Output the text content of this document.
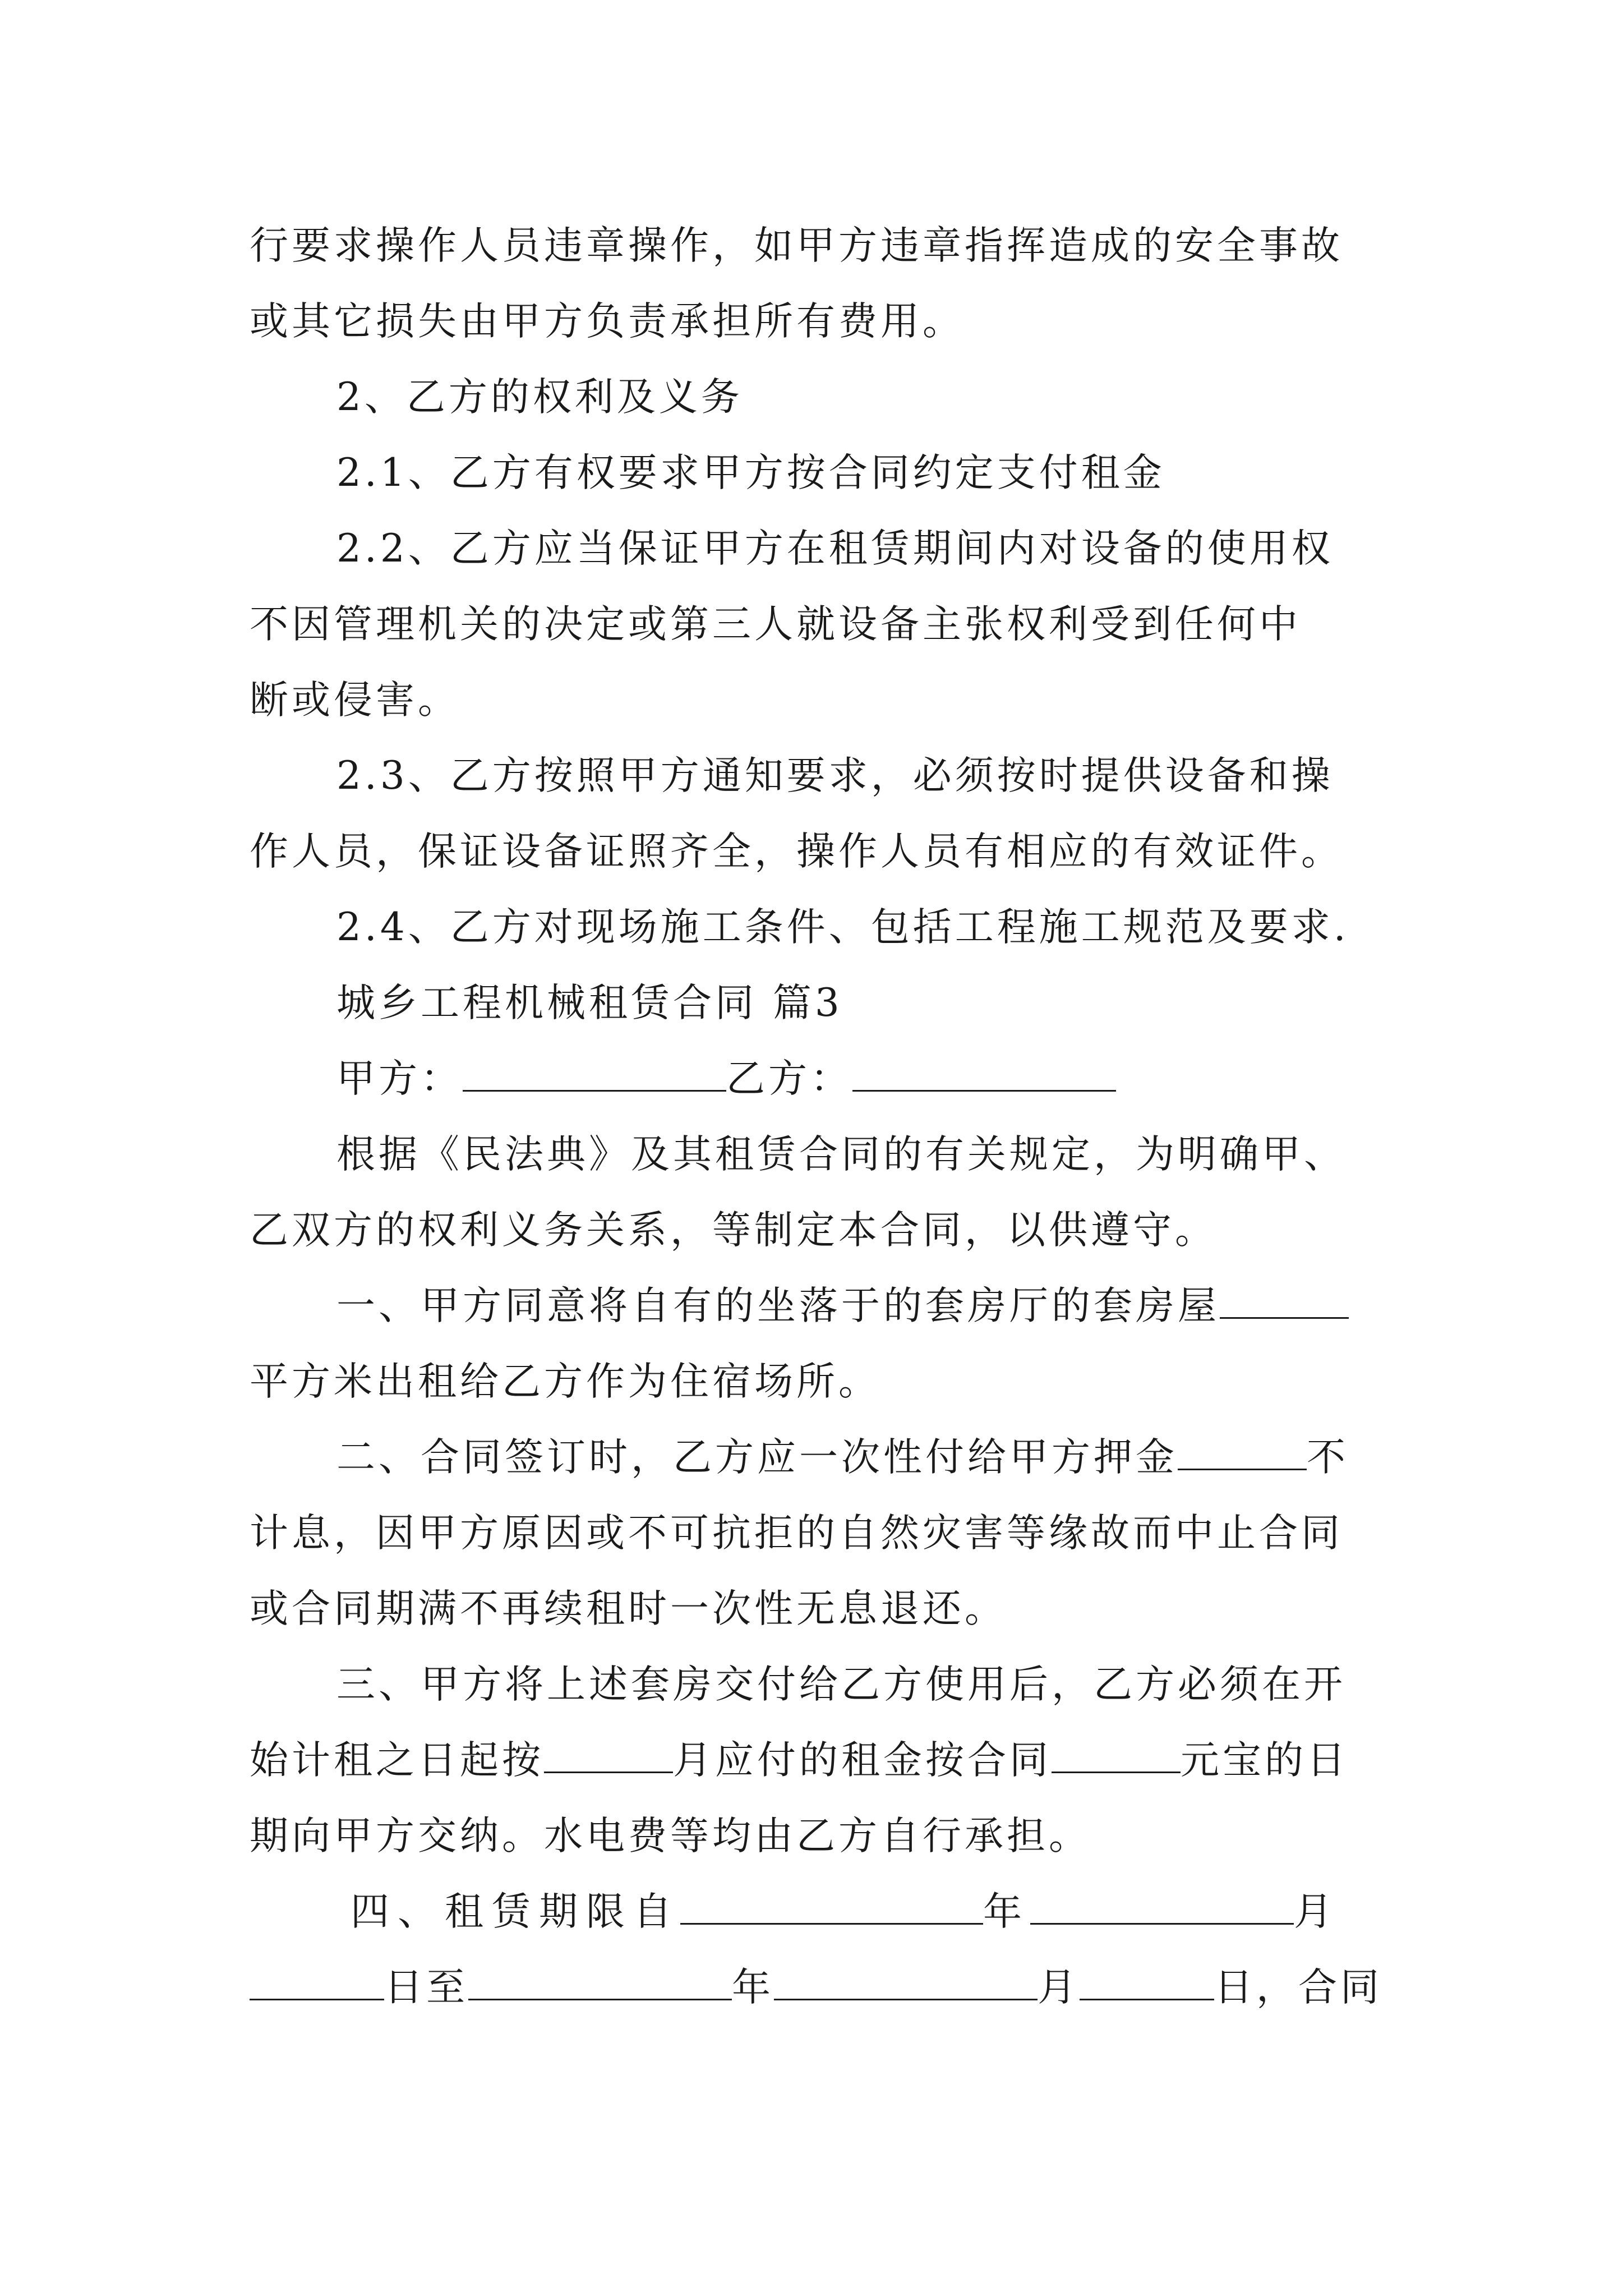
行要求操作人员违章操作，如甲方违章指挥造成的安全事故
或其它损失由甲方负责承担所有费用。
2、乙方的权利及义务
2.1、乙方有权要求甲方按合同约定支付租金
2.2、乙方应当保证甲方在租赁期间内对设备的使用权
不因管理机关的决定或第三人就设备主张权利受到任何中
断或侵害。
2.3、乙方按照甲方通知要求，必须按时提供设备和操
作人员，保证设备证照齐全，操作人员有相应的有效证件。
2.4、乙方对现场施工条件、包括工程施工规范及要求.
城乡工程机械租赁合同 篇3
甲方：	乙方：
根据《民法典》及其租赁合同的有关规定，为明确甲、
乙双方的权利义务关系，等制定本合同，以供遵守。
一、甲方同意将自有的坐落于的套房厅的套房屋
平方米出租给乙方作为住宿场所。
二、合同签订时，乙方应一次性付给甲方押金	不
计息，因甲方原因或不可抗拒的自然灾害等缘故而中止合同
或合同期满不再续租时一次性无息退还。
三、甲方将上述套房交付给乙方使用后，乙方必须在开
始计租之日起按	月应付的租金按合同	元宝的日
期向甲方交纳。水电费等均由乙方自行承担。
四、租赁期限自	年	月
日至	年	月	日，合同
